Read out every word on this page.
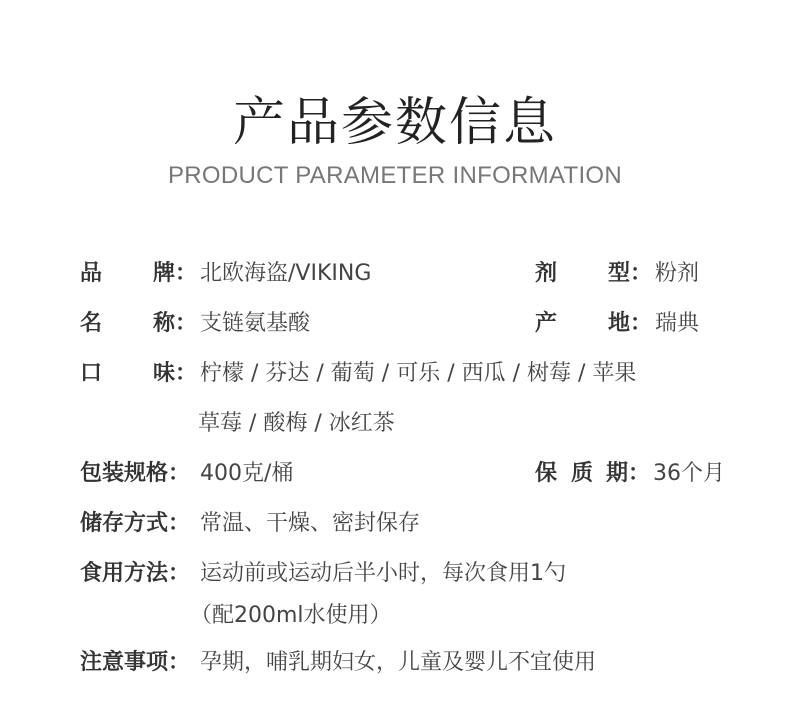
产品参数信息
PRODUCT PARAMETER INFORMATION
品 牌： 北欧海盗/VIKING	剂 型： 粉剂
名 称： 支链氨基酸	产 地： 瑞典
口 味： 柠檬 / 芬达 / 葡萄 / 可乐 / 西瓜 / 树莓 / 苹果
草莓 / 酸梅 / 冰红茶
包装规格： 400克/桶	保 质 期： 36个月
储存方式： 常温、干燥、密封保存
食用方法： 运动前或运动后半小时，每次食用1勺
（配200ml水使用）
注意事项： 孕期，哺乳期妇女，儿童及婴儿不宜使用
